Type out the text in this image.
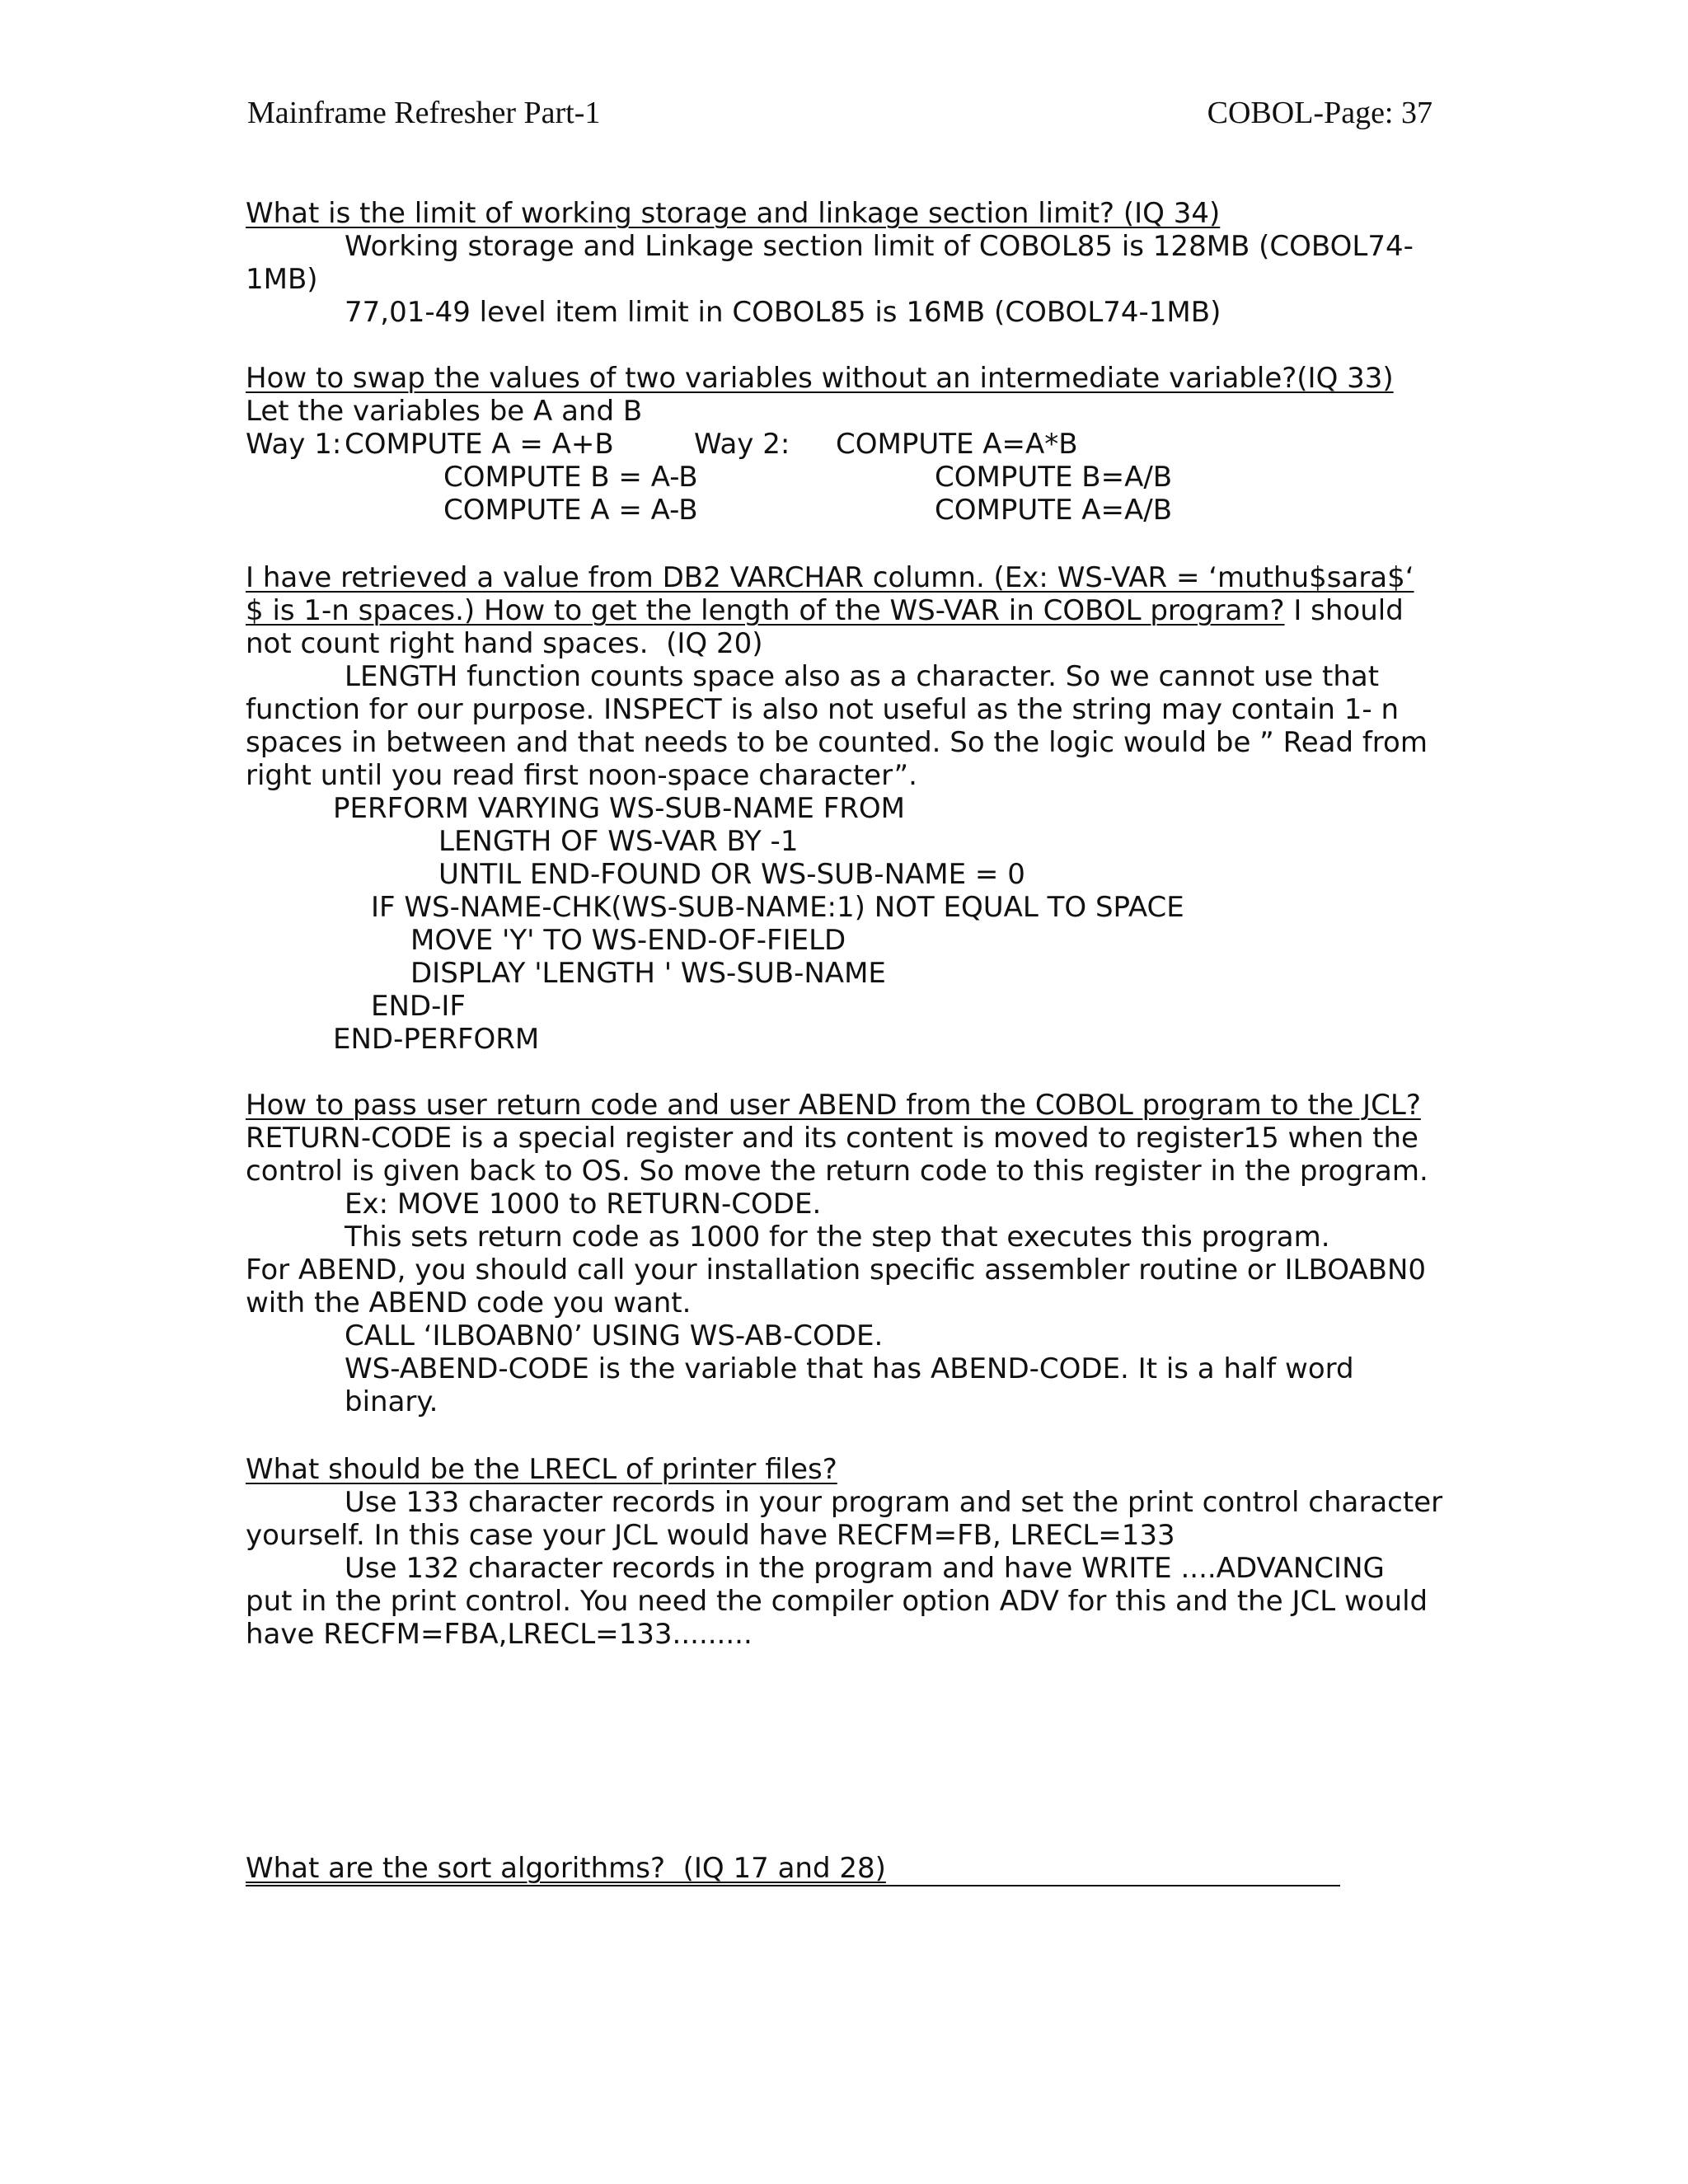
Mainframe Refresher Part-1	COBOL-Page: 37
What is the limit of working storage and linkage section limit? (IQ 34)
Working storage and Linkage section limit of COBOL85 is 128MB (COBOL74-
1MB)
77,01-49 level item limit in COBOL85 is 16MB (COBOL74-1MB)
How to swap the values of two variables without an intermediate variable?(IQ 33)
Let the variables be A and B
Way 1: COMPUTE A = A+B
COMPUTE B = A-B
COMPUTE A = A-B
Way 2: COMPUTE A=A*B
COMPUTE B=A/B
COMPUTE A=A/B
I have retrieved a value from DB2 VARCHAR column. (Ex: WS-VAR = ‘muthu$sara$‘
$ is 1-n spaces.) How to get the length of the WS-VAR in COBOL program? I should
not count right hand spaces.  (IQ 20)
LENGTH function counts space also as a character. So we cannot use that
function for our purpose. INSPECT is also not useful as the string may contain 1- n
spaces in between and that needs to be counted. So the logic would be ” Read from
right until you read first noon-space character”.
PERFORM VARYING WS-SUB-NAME FROM
LENGTH OF WS-VAR BY -1
UNTIL END-FOUND OR WS-SUB-NAME = 0
IF WS-NAME-CHK(WS-SUB-NAME:1) NOT EQUAL TO SPACE
MOVE 'Y' TO WS-END-OF-FIELD
DISPLAY 'LENGTH ' WS-SUB-NAME
END-IF
END-PERFORM
How to pass user return code and user ABEND from the COBOL program to the JCL?
RETURN-CODE is a special register and its content is moved to register15 when the
control is given back to OS. So move the return code to this register in the program.
Ex: MOVE 1000 to RETURN-CODE.
This sets return code as 1000 for the step that executes this program.
For ABEND, you should call your installation specific assembler routine or ILBOABN0
with the ABEND code you want.
CALL ‘ILBOABN0’ USING WS-AB-CODE.
WS-ABEND-CODE is the variable that has ABEND-CODE. It is a half word
binary.
What should be the LRECL of printer files?
Use 133 character records in your program and set the print control character
yourself. In this case your JCL would have RECFM=FB, LRECL=133
Use 132 character records in the program and have WRITE ....ADVANCING
put in the print control. You need the compiler option ADV for this and the JCL would
have RECFM=FBA,LRECL=133.........
What are the sort algorithms?  (IQ 17 and 28)
